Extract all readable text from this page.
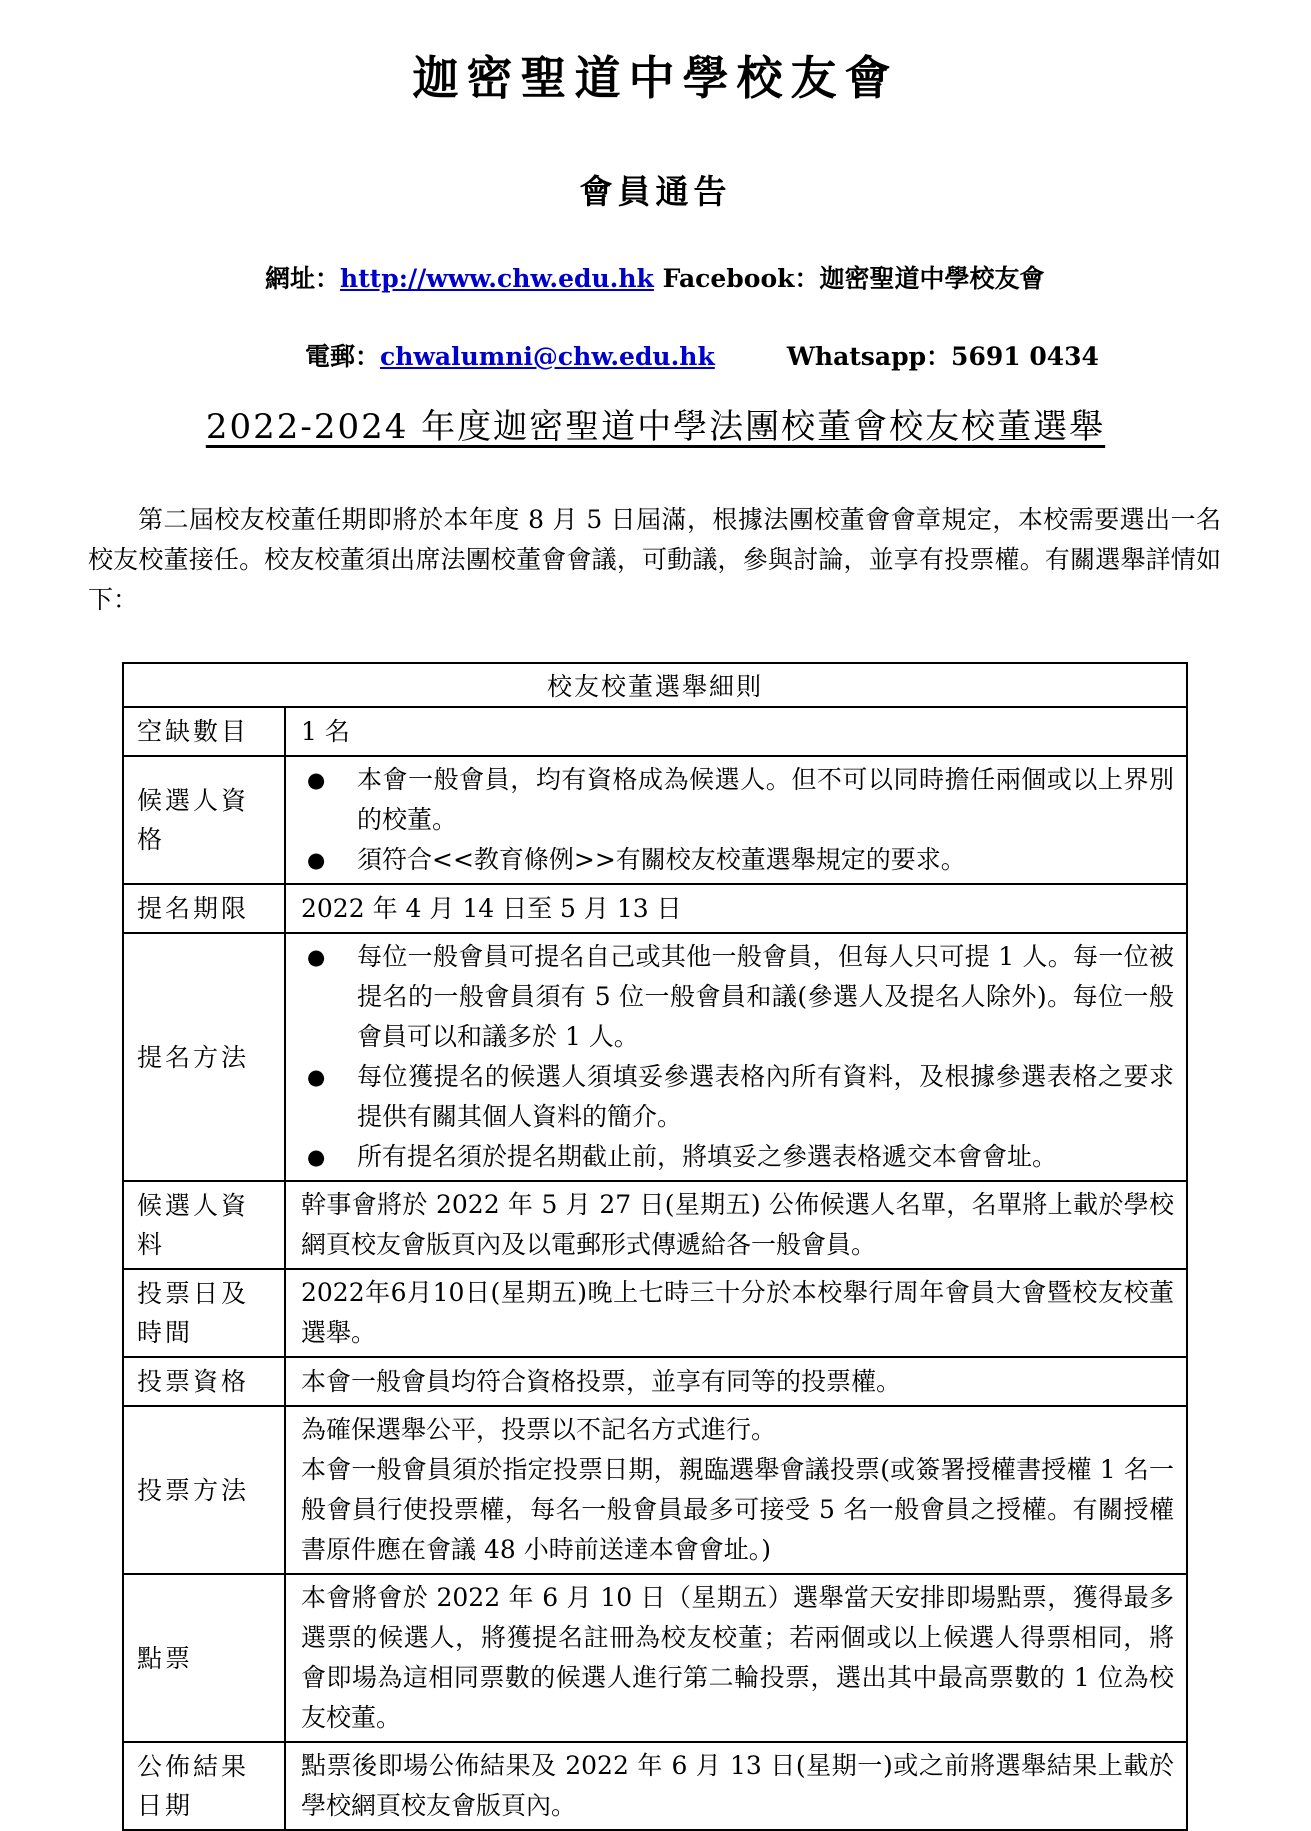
迦密聖道中學校友會
會員通告
網址：http://www.chw.edu.hk Facebook：迦密聖道中學校友會
電郵：chwalumni@chw.edu.hk	Whatsapp：5691 0434
2022-2024 年度迦密聖道中學法團校董會校友校董選舉

第二屆校友校董任期即將於本年度 8 月 5 日屆滿，根據法團校董會會章規定，本校需要選出一名校友校董接任。校友校董須出席法團校董會會議，可動議，參與討論，並享有投票權。有關選舉詳情如下：

校友校董選舉細則	
空缺數目	1 名
候選人資格	● 本會一般會員，均有資格成為候選人。但不可以同時擔任兩個或以上界別的校董。
● 須符合<<教育條例>>有關校友校董選舉規定的要求。

提名期限	2022 年 4 月 14 日至 5 月 13 日
提名方法	
●	每位一般會員可提名自己或其他一般會員，但每人只可提 1 人。每一位被提名的一般會員須有 5 位一般會員和議(參選人及提名人除外)。每位一般會員可以和議多於 1 人。
●	每位獲提名的候選人須填妥參選表格內所有資料，及根據參選表格之要求提供有關其個人資料的簡介。
●	所有提名須於提名期截止前，將填妥之參選表格遞交本會會址。

候選人資料	幹事會將於 2022 年 5 月 27 日(星期五) 公佈候選人名單，名單將上載於學校網頁校友會版頁內及以電郵形式傳遞給各一般會員。
投票日及時間	2022年6月10日(星期五)晚上七時三十分於本校舉行周年會員大會暨校友校董選舉。
投票資格	本會一般會員均符合資格投票，並享有同等的投票權。
投票方法	為確保選舉公平，投票以不記名方式進行。
本會一般會員須於指定投票日期，親臨選舉會議投票(或簽署授權書授權 1 名一般會員行使投票權，每名一般會員最多可接受 5 名一般會員之授權。有關授權書原件應在會議 48 小時前送達本會會址。)

點票	本會將會於 2022 年 6 月 10 日（星期五）選舉當天安排即場點票，獲得最多選票的候選人，將獲提名註冊為校友校董；若兩個或以上候選人得票相同，將會即場為這相同票數的候選人進行第二輪投票，選出其中最高票數的 1 位為校友校董。
公佈結果日期	點票後即場公佈結果及 2022 年 6 月 13 日(星期一)或之前將選舉結果上載於學校網頁校友會版頁內。
